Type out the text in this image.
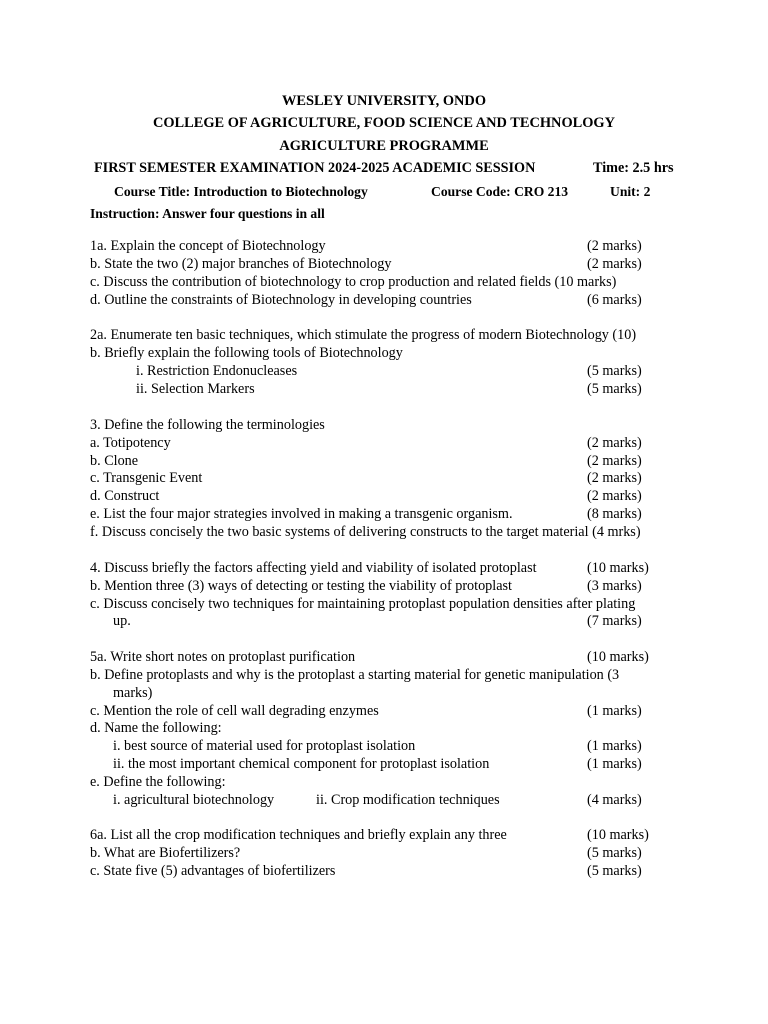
WESLEY UNIVERSITY, ONDO
COLLEGE OF AGRICULTURE, FOOD SCIENCE AND TECHNOLOGY
AGRICULTURE PROGRAMME
FIRST SEMESTER EXAMINATION 2024-2025 ACADEMIC SESSION	Time: 2.5 hrs
Course Title: Introduction to Biotechnology	Course Code: CRO 213	Unit: 2
Instruction: Answer four questions in all
1a. Explain the concept of Biotechnology	(2 marks)
b. State the two (2) major branches of Biotechnology	(2 marks)
c. Discuss the contribution of biotechnology to crop production and related fields (10 marks)
d. Outline the constraints of Biotechnology in developing countries	(6 marks)
2a. Enumerate ten basic techniques, which stimulate the progress of modern Biotechnology (10)
b. Briefly explain the following tools of Biotechnology
i. Restriction Endonucleases	(5 marks)
ii. Selection Markers	(5 marks)
3. Define the following the terminologies
a. Totipotency	(2 marks)
b. Clone	(2 marks)
c. Transgenic Event	(2 marks)
d. Construct	(2 marks)
e. List the four major strategies involved in making a transgenic organism.	(8 marks)
f. Discuss concisely the two basic systems of delivering constructs to the target material (4 mrks)
4. Discuss briefly the factors affecting yield and viability of isolated protoplast	(10 marks)
b. Mention three (3) ways of detecting or testing the viability of protoplast	(3 marks)
c. Discuss concisely two techniques for maintaining protoplast population densities after plating
up.	(7 marks)
5a. Write short notes on protoplast purification	(10 marks)
b. Define protoplasts and why is the protoplast a starting material for genetic manipulation (3
marks)
c. Mention the role of cell wall degrading enzymes	(1 marks)
d. Name the following:
i. best source of material used for protoplast isolation	(1 marks)
ii. the most important chemical component for protoplast isolation	(1 marks)
e. Define the following:
i. agricultural biotechnology	ii. Crop modification techniques	(4 marks)
6a. List all the crop modification techniques and briefly explain any three	(10 marks)
b. What are Biofertilizers?	(5 marks)
c. State five (5) advantages of biofertilizers	(5 marks)
